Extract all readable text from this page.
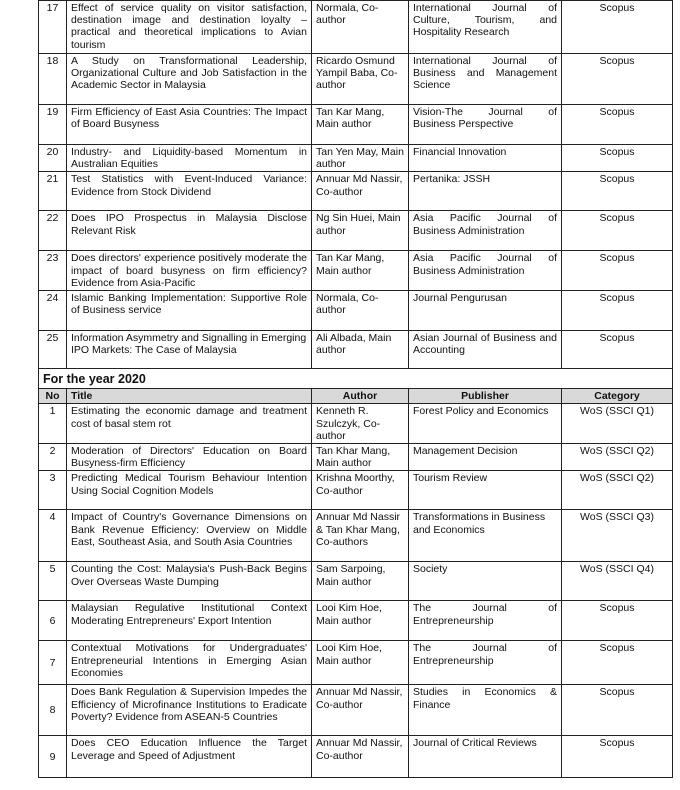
17	Effect of service quality on visitor satisfaction, destination image and destination loyalty – practical and theoretical implications to Avian tourism	Normala, Co-author	International Journal of Culture, Tourism, and Hospitality Research	Scopus
18	A Study on Transformational Leadership, Organizational Culture and Job Satisfaction in the Academic Sector in Malaysia	Ricardo Osmund Yampil Baba, Co-author	International Journal of Business and Management Science	Scopus
19	Firm Efficiency of East Asia Countries: The Impact of Board Busyness	Tan Kar Mang, Main author	Vision-The Journal of Business Perspective	Scopus
20	Industry- and Liquidity-based Momentum in Australian Equities	Tan Yen May, Main author	Financial Innovation	Scopus
21	Test Statistics with Event-Induced Variance: Evidence from Stock Dividend	Annuar Md Nassir, Co-author	Pertanika: JSSH	Scopus
22	Does IPO Prospectus in Malaysia Disclose Relevant Risk	Ng Sin Huei, Main author	Asia Pacific Journal of Business Administration	Scopus
23	Does directors' experience positively moderate the impact of board busyness on firm efficiency? Evidence from Asia-Pacific	Tan Kar Mang, Main author	Asia Pacific Journal of Business Administration	Scopus
24	Islamic Banking Implementation: Supportive Role of Business service	Normala, Co-author	Journal Pengurusan	Scopus
25	Information Asymmetry and Signalling in Emerging IPO Markets: The Case of Malaysia	Ali Albada, Main author	Asian Journal of Business and Accounting	Scopus
For the year 2020				
No	Title	Author	Publisher	Category
1	Estimating the economic damage and treatment cost of basal stem rot	Kenneth R. Szulczyk, Co-author	Forest Policy and Economics	WoS (SSCI Q1)
2	Moderation of Directors' Education on Board Busyness-firm Efficiency	Tan Khar Mang, Main author	Management Decision	WoS (SSCI Q2)
3	Predicting Medical Tourism Behaviour Intention Using Social Cognition Models	Krishna Moorthy, Co-author	Tourism Review	WoS (SSCI Q2)
4	Impact of Country's Governance Dimensions on Bank Revenue Efficiency: Overview on Middle East, Southeast Asia, and South Asia Countries	Annuar Md Nassir & Tan Khar Mang, Co-authors	Transformations in Business and Economics	WoS (SSCI Q3)
5	Counting the Cost: Malaysia's Push-Back Begins Over Overseas Waste Dumping	Sam Sarpoing, Main author	Society	WoS (SSCI Q4)
6	Malaysian Regulative Institutional Context Moderating Entrepreneurs' Export Intention	Looi Kim Hoe, Main author	The Journal of Entrepreneurship	Scopus
7	Contextual Motivations for Undergraduates' Entrepreneurial Intentions in Emerging Asian Economies	Looi Kim Hoe, Main author	The Journal of Entrepreneurship	Scopus
8	Does Bank Regulation & Supervision Impedes the Efficiency of Microfinance Institutions to Eradicate Poverty? Evidence from ASEAN-5 Countries	Annuar Md Nassir, Co-author	Studies in Economics & Finance	Scopus
9	Does CEO Education Influence the Target Leverage and Speed of Adjustment	Annuar Md Nassir, Co-author	Journal of Critical Reviews	Scopus
